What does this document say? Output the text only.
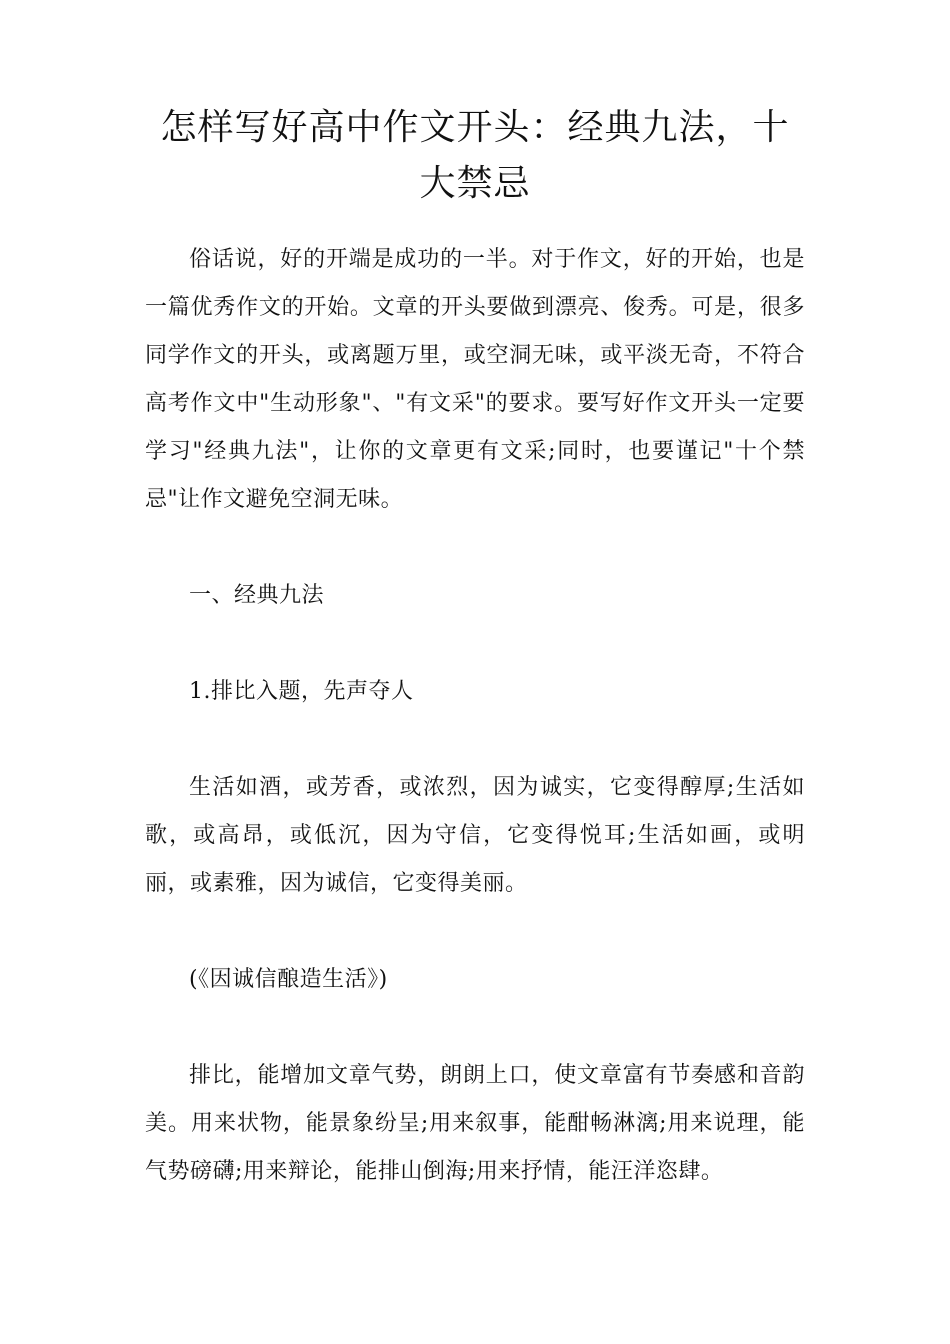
怎样写好高中作文开头：经典九法，十大禁忌

俗话说，好的开端是成功的一半。对于作文，好的开始，也是一篇优秀作文的开始。文章的开头要做到漂亮、俊秀。可是，很多同学作文的开头，或离题万里，或空洞无味，或平淡无奇，不符合高考作文中"生动形象"、"有文采"的要求。要写好作文开头一定要学习"经典九法"，让你的文章更有文采;同时，也要谨记"十个禁忌"让作文避免空洞无味。

一、经典九法

1.排比入题，先声夺人

生活如酒，或芳香，或浓烈，因为诚实，它变得醇厚;生活如歌，或高昂，或低沉，因为守信，它变得悦耳;生活如画，或明丽，或素雅，因为诚信，它变得美丽。

(《因诚信酿造生活》)

排比，能增加文章气势，朗朗上口，使文章富有节奏感和音韵美。用来状物，能景象纷呈;用来叙事，能酣畅淋漓;用来说理，能气势磅礴;用来辩论，能排山倒海;用来抒情，能汪洋恣肆。
